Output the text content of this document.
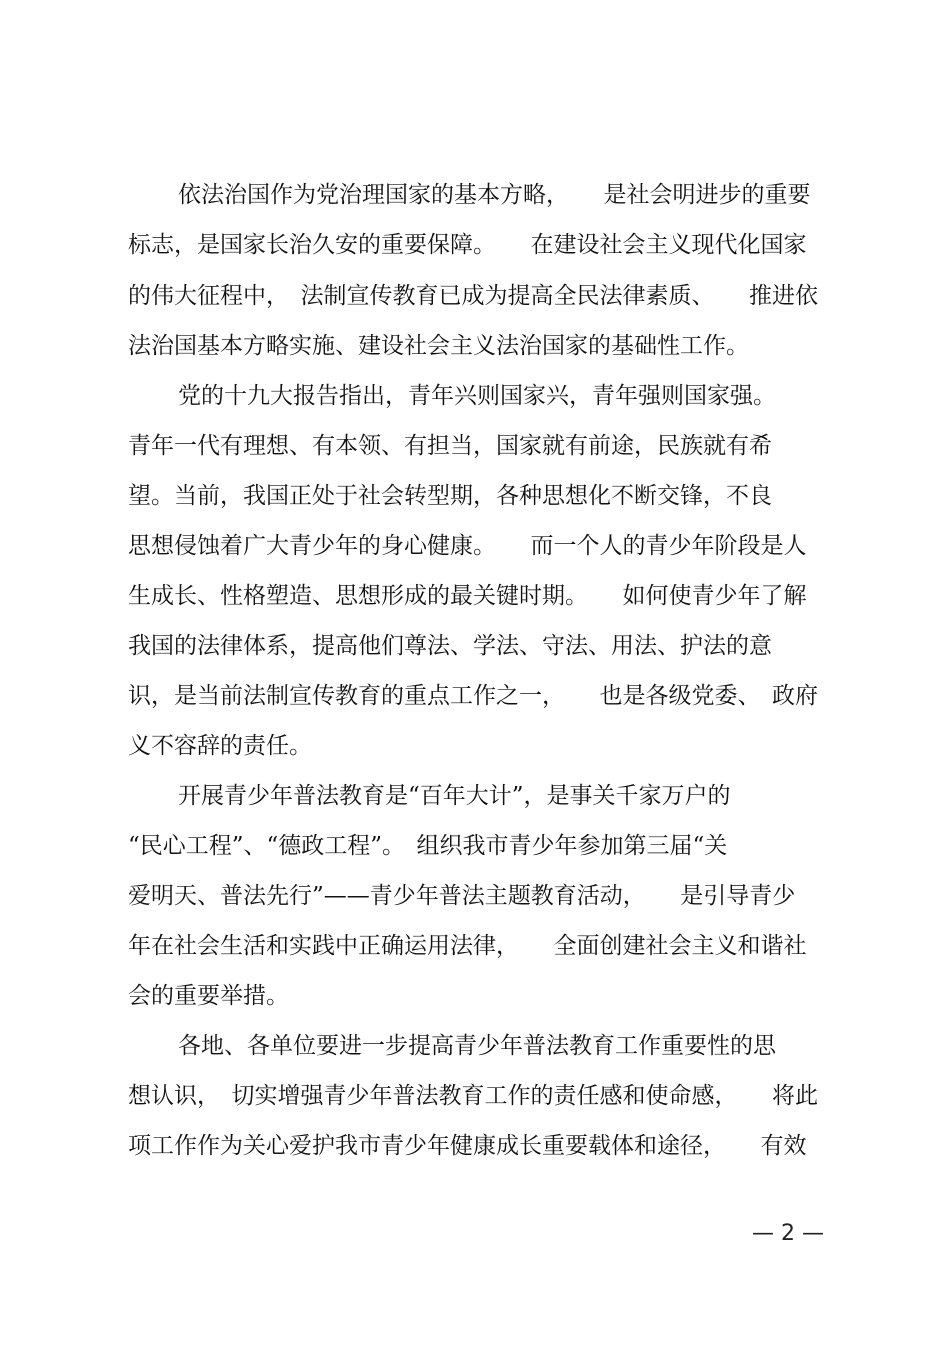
依法治国作为党治理国家的基本方略，　　是社会明进步的重要
标志，是国家长治久安的重要保障。　　在建设社会主义现代化国家
的伟大征程中，　法制宣传教育已成为提高全民法律素质、　　推进依
法治国基本方略实施、建设社会主义法治国家的基础性工作。
党的十九大报告指出，青年兴则国家兴，青年强则国家强。
青年一代有理想、有本领、有担当，国家就有前途，民族就有希
望。当前，我国正处于社会转型期，各种思想化不断交锋，不良
思想侵蚀着广大青少年的身心健康。　　而一个人的青少年阶段是人
生成长、性格塑造、思想形成的最关键时期。　　如何使青少年了解
我国的法律体系，提高他们尊法、学法、守法、用法、护法的意
识，是当前法制宣传教育的重点工作之一，　　也是各级党委、　政府
义不容辞的责任。
开展青少年普法教育是“百年大计”，是事关千家万户的
“民心工程”、“德政工程”。　组织我市青少年参加第三届“关
爱明天、普法先行”——青少年普法主题教育活动，　　是引导青少
年在社会生活和实践中正确运用法律，　　全面创建社会主义和谐社
会的重要举措。
各地、各单位要进一步提高青少年普法教育工作重要性的思
想认识，　切实增强青少年普法教育工作的责任感和使命感，　　将此
项工作作为关心爱护我市青少年健康成长重要载体和途径，　　有效
— 2 —
